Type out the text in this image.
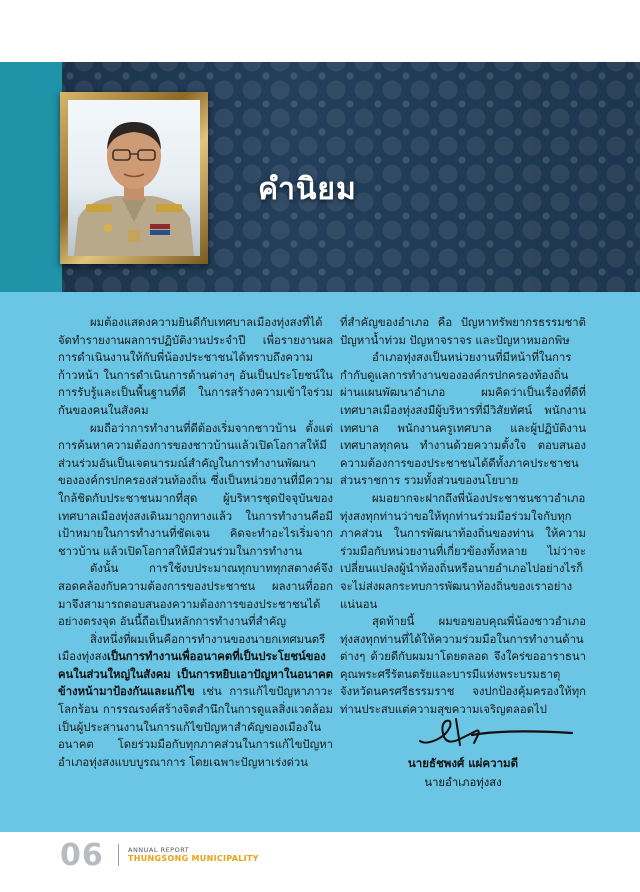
คำนิยม

ผมต้องแสดงความยินดีกับเทศบาลเมืองทุ่งสงที่ได้จัดทำรายงานผลการปฏิบัติงานประจำปี เพื่อรายงานผลการดำเนินงานให้กับพี่น้องประชาชนได้ทราบถึงความก้าวหน้า ในการดำเนินการด้านต่างๆ อันเป็นประโยชน์ในการรับรู้และเป็นพื้นฐานที่ดี ในการสร้างความเข้าใจร่วมกันของคนในสังคม

ผมถือว่าการทำงานที่ดีต้องเริ่มจากชาวบ้าน ตั้งแต่การค้นหาความต้องการของชาวบ้านแล้วเปิดโอกาสให้มีส่วนร่วมอันเป็นเจตนารมณ์สำคัญในการทำงานพัฒนาขององค์กรปกครองส่วนท้องถิ่น ซึ่งเป็นหน่วยงานที่มีความใกล้ชิดกับประชาชนมากที่สุด ผู้บริหารชุดปัจจุบันของเทศบาลเมืองทุ่งสงเดินมาถูกทางแล้ว ในการทำงานคือมีเป้าหมายในการทำงานที่ชัดเจน คิดจะทำอะไรเริ่มจากชาวบ้าน แล้วเปิดโอกาสให้มีส่วนร่วมในการทำงาน

ดังนั้น การใช้งบประมาณทุกบาททุกสตางค์จึงสอดคล้องกับความต้องการของประชาชน ผลงานที่ออกมาจึงสามารถตอบสนองความต้องการของประชาชนได้อย่างตรงจุด อันนี้ถือเป็นหลักการทำงานที่สำคัญ

สิ่งหนึ่งที่ผมเห็นคือการทำงานของนายกเทศมนตรีเมืองทุ่งสงเป็นการทำงานเพื่ออนาคตที่เป็นประโยชน์ของคนในส่วนใหญ่ในสังคม เป็นการหยิบเอาปัญหาในอนาคตข้างหน้ามาป้องกันและแก้ไข เช่น การแก้ไขปัญหาภาวะโลกร้อน การรณรงค์สร้างจิตสำนึกในการดูแลสิ่งแวดล้อม เป็นผู้ประสานงานในการแก้ไขปัญหาสำคัญของเมืองในอนาคต โดยร่วมมือกับทุกภาคส่วนในการแก้ไขปัญหาอำเภอทุ่งสงแบบบูรณาการ โดยเฉพาะปัญหาเร่งด่วน

ที่สำคัญของอำเภอ คือ ปัญหาทรัพยากรธรรมชาติ ปัญหาน้ำท่วม ปัญหาจราจร และปัญหาหมอกพิษ

อำเภอทุ่งสงเป็นหน่วยงานที่มีหน้าที่ในการกำกับดูแลการทำงานขององค์กรปกครองท้องถิ่นผ่านแผนพัฒนาอำเภอ ผมคิดว่าเป็นเรื่องที่ดีที่เทศบาลเมืองทุ่งสงมีผู้บริหารที่มีวิสัยทัศน์ พนักงานเทศบาล พนักงานครูเทศบาล และผู้ปฏิบัติงานเทศบาลทุกคน ทำงานด้วยความตั้งใจ ตอบสนองความต้องการของประชาชนได้ดีทั้งภาคประชาชน ส่วนราชการ รวมทั้งส่วนของนโยบาย

ผมอยากจะฝากถึงพี่น้องประชาชนชาวอำเภอทุ่งสงทุกท่านว่าขอให้ทุกท่านร่วมมือร่วมใจกับทุกภาคส่วน ในการพัฒนาท้องถิ่นของท่าน ให้ความร่วมมือกับหน่วยงานที่เกี่ยวข้องทั้งหลาย ไม่ว่าจะเปลี่ยนแปลงผู้นำท้องถิ่นหรือนายอำเภอไปอย่างไรก็จะไม่ส่งผลกระทบการพัฒนาท้องถิ่นของเราอย่างแน่นอน

สุดท้ายนี้ ผมขอขอบคุณพี่น้องชาวอำเภอทุ่งสงทุกท่านที่ได้ให้ความร่วมมือในการทำงานด้านต่างๆ ด้วยดีกับผมมาโดยตลอด จึงใคร่ขออาราธนาคุณพระศรีรัตนตรัยและบารมีแห่งพระบรมธาตุจังหวัดนครศรีธรรมราช จงปกป้องคุ้มครองให้ทุกท่านประสบแต่ความสุขความเจริญตลอดไป

นายธัชพงศ์ แผ่ความดี
นายอำเภอทุ่งสง
06	ANNUAL REPORT
THUNGSONG MUNICIPALITY
